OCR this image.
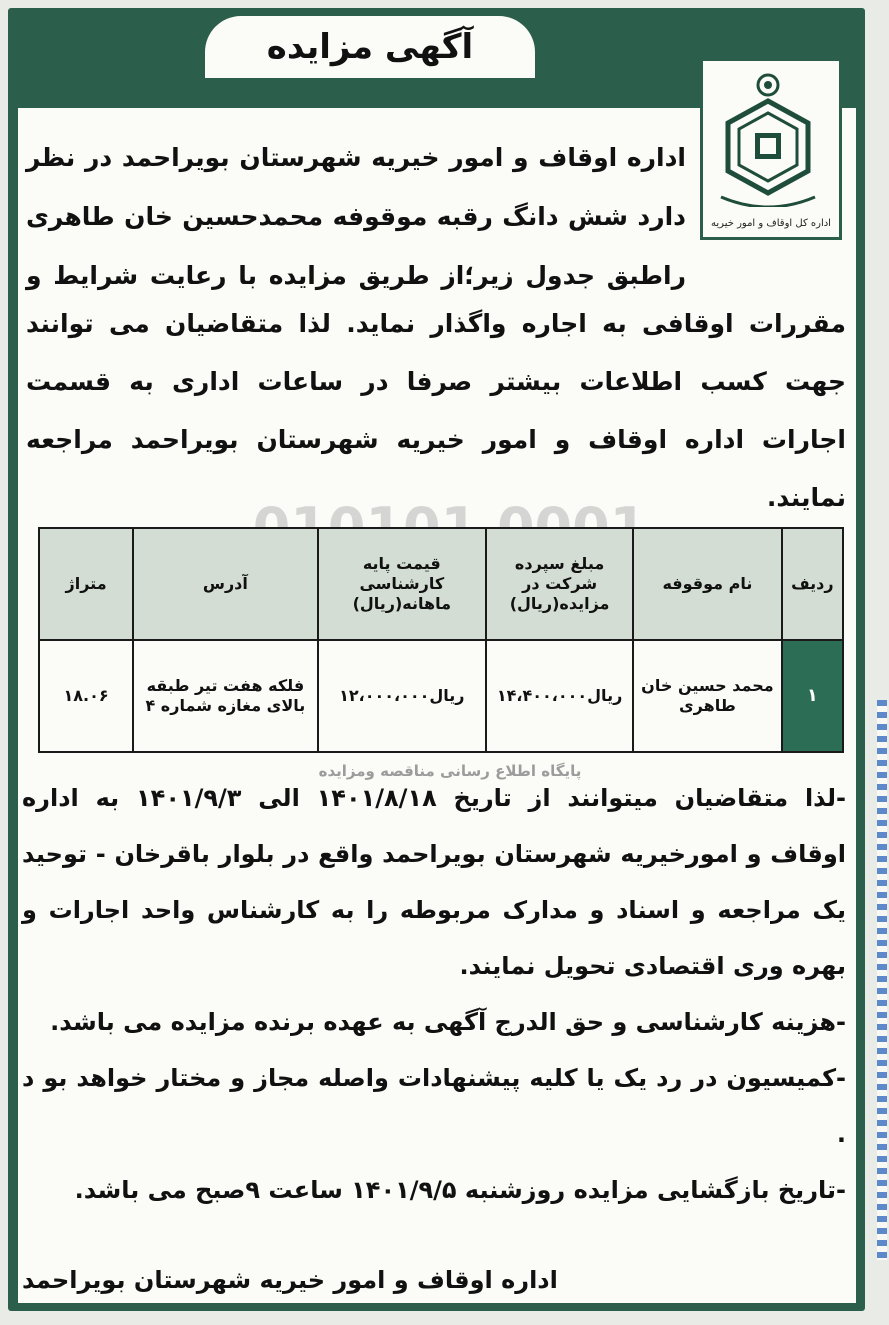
آگهی مزایده
اداره کل اوقاف و امور خیریه
اداره اوقاف و امور خیریه شهرستان بویراحمد در نظر دارد شش دانگ رقبه موقوفه محمدحسین خان طاهری راطبق جدول زیر؛از طریق مزایده با رعایت شرایط و
مقررات اوقافی به اجاره واگذار نماید. لذا متقاضیان می توانند جهت کسب اطلاعات بیشتر صرفا در ساعات اداری به قسمت اجارات اداره اوقاف و امور خیریه شهرستان بویراحمد مراجعه نمایند.
ردیف	نام موقوفه	مبلغ سپرده شرکت در مزایده(ریال)	قیمت پایه کارشناسی ماهانه(ریال)	آدرس	متراژ
۱	محمد حسین خان طاهری	ریال۱۴،۴۰۰،۰۰۰	ریال۱۲،۰۰۰،۰۰۰	فلکه هفت تیر طبقه بالای مغازه شماره ۴	۱۸.۰۶
پایگاه اطلاع رسانی مناقصه ومزایده

-لذا متقاضیان میتوانند از تاریخ ۱۴۰۱/۸/۱۸ الی ۱۴۰۱/۹/۳ به اداره اوقاف و امورخیریه شهرستان بویراحمد واقع در بلوار باقرخان - توحید یک مراجعه و اسناد و مدارک مربوطه را به کارشناس واحد اجارات و بهره وری اقتصادی تحویل نمایند.

-هزینه کارشناسی و حق الدرج آگهی به عهده برنده مزایده می باشد.

-کمیسیون در رد یک یا کلیه پیشنهادات واصله مجاز و مختار خواهد بو د .

-تاریخ بازگشایی مزایده روزشنبه ۱۴۰۱/۹/۵ ساعت ۹صبح می باشد.

اداره اوقاف و امور خیریه شهرستان بویراحمد
